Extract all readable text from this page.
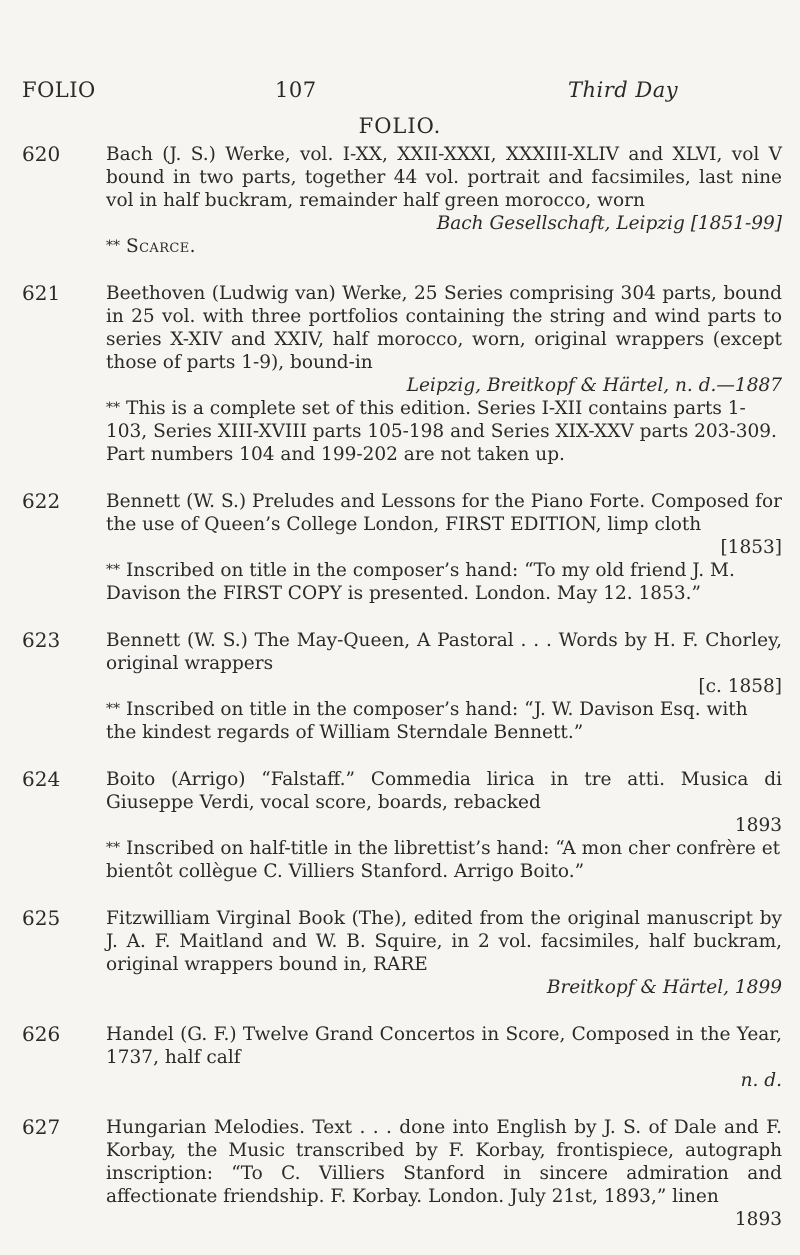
FOLIO	107	Third Day
FOLIO.
620 Bach (J. S.) Werke, vol. I-XX, XXII-XXXI, XXXIII-XLIV and XLVI, vol V bound in two parts, together 44 vol. portrait and facsimiles, last nine vol in half buckram, remainder half green morocco, worn
Bach Gesellschaft, Leipzig [1851-99]
** Scarce.
621 Beethoven (Ludwig van) Werke, 25 Series comprising 304 parts, bound in 25 vol. with three portfolios containing the string and wind parts to series X-XIV and XXIV, half morocco, worn, original wrappers (except those of parts 1-9), bound-in
Leipzig, Breitkopf & Härtel, n. d.—1887
** This is a complete set of this edition. Series I-XII contains parts 1-103, Series XIII-XVIII parts 105-198 and Series XIX-XXV parts 203-309. Part numbers 104 and 199-202 are not taken up.
622 Bennett (W. S.) Preludes and Lessons for the Piano Forte. Composed for the use of Queen’s College London, FIRST EDITION, limp cloth
[1853]
** Inscribed on title in the composer’s hand: “To my old friend J. M. Davison the FIRST COPY is presented. London. May 12. 1853.”
623 Bennett (W. S.) The May-Queen, A Pastoral . . . Words by H. F. Chorley, original wrappers
[c. 1858]
** Inscribed on title in the composer’s hand: “J. W. Davison Esq. with the kindest regards of William Sterndale Bennett.”
624 Boito (Arrigo) “Falstaff.” Commedia lirica in tre atti. Musica di Giuseppe Verdi, vocal score, boards, rebacked
1893
** Inscribed on half-title in the librettist’s hand: “A mon cher confrère et bientôt collègue C. Villiers Stanford. Arrigo Boito.”
625 Fitzwilliam Virginal Book (The), edited from the original manuscript by J. A. F. Maitland and W. B. Squire, in 2 vol. facsimiles, half buckram, original wrappers bound in, RARE
Breitkopf & Härtel, 1899
626 Handel (G. F.) Twelve Grand Concertos in Score, Composed in the Year, 1737, half calf
n. d.
627 Hungarian Melodies. Text . . . done into English by J. S. of Dale and F. Korbay, the Music transcribed by F. Korbay, frontispiece, autograph inscription: “To C. Villiers Stanford in sincere admiration and affectionate friendship. F. Korbay. London. July 21st, 1893,” linen
1893
